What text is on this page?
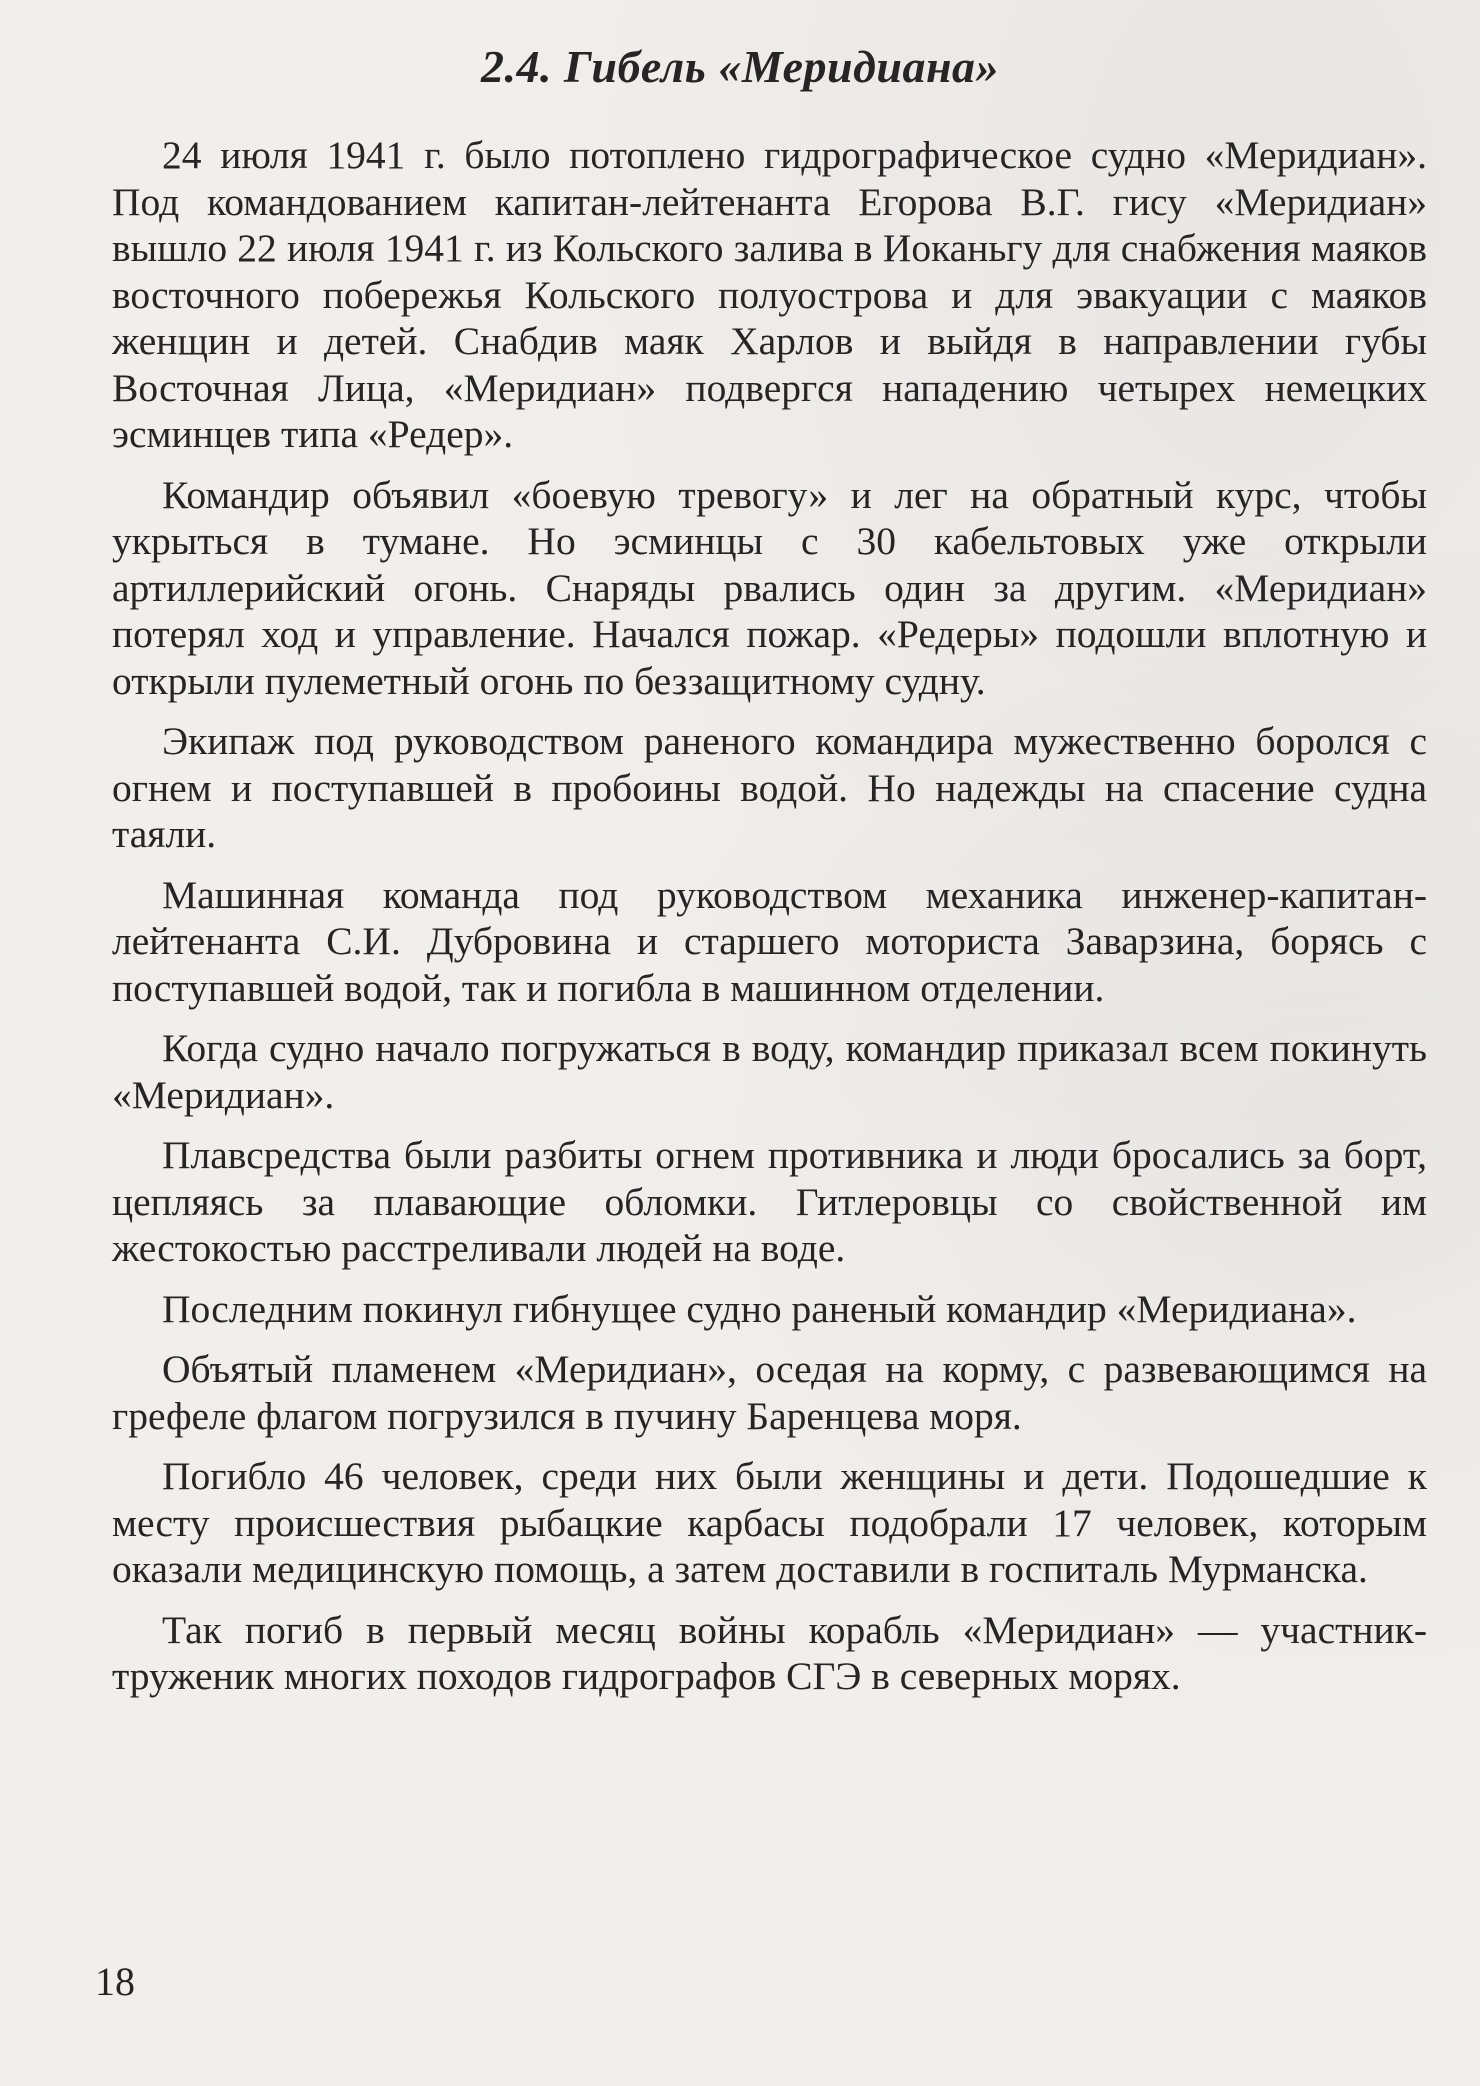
2.4. Гибель «Меридиана»

24 июля 1941 г. было потоплено гидрографическое судно «Меридиан». Под командованием капитан-лейтенанта Егорова В.Г. гису «Меридиан» вышло 22 июля 1941 г. из Кольского залива в Иоканьгу для снабжения маяков восточного побережья Кольского полуострова и для эвакуации с маяков женщин и детей. Снабдив маяк Харлов и выйдя в направлении губы Восточная Лица, «Меридиан» подвергся нападению четырех немецких эсминцев типа «Редер».

Командир объявил «боевую тревогу» и лег на обратный курс, чтобы укрыться в тумане. Но эсминцы с 30 кабельтовых уже открыли артиллерийский огонь. Снаряды рвались один за другим. «Меридиан» потерял ход и управление. Начался пожар. «Редеры» подошли вплотную и открыли пулеметный огонь по беззащитному судну.

Экипаж под руководством раненого командира мужественно боролся с огнем и поступавшей в пробоины водой. Но надежды на спасение судна таяли.

Машинная команда под руководством механика инженер-капитан-лейтенанта С.И. Дубровина и старшего моториста Заварзина, борясь с поступавшей водой, так и погибла в машинном отделении.

Когда судно начало погружаться в воду, командир приказал всем покинуть «Меридиан».

Плавсредства были разбиты огнем противника и люди бросались за борт, цепляясь за плавающие обломки. Гитлеровцы со свойственной им жестокостью расстреливали людей на воде.

Последним покинул гибнущее судно раненый командир «Меридиана».

Объятый пламенем «Меридиан», оседая на корму, с развевающимся на грефеле флагом погрузился в пучину Баренцева моря.

Погибло 46 человек, среди них были женщины и дети. Подошедшие к месту происшествия рыбацкие карбасы подобрали 17 человек, которым оказали медицинскую помощь, а затем доставили в госпиталь Мурманска.

Так погиб в первый месяц войны корабль «Меридиан» — участник-труженик многих походов гидрографов СГЭ в северных морях.

18
